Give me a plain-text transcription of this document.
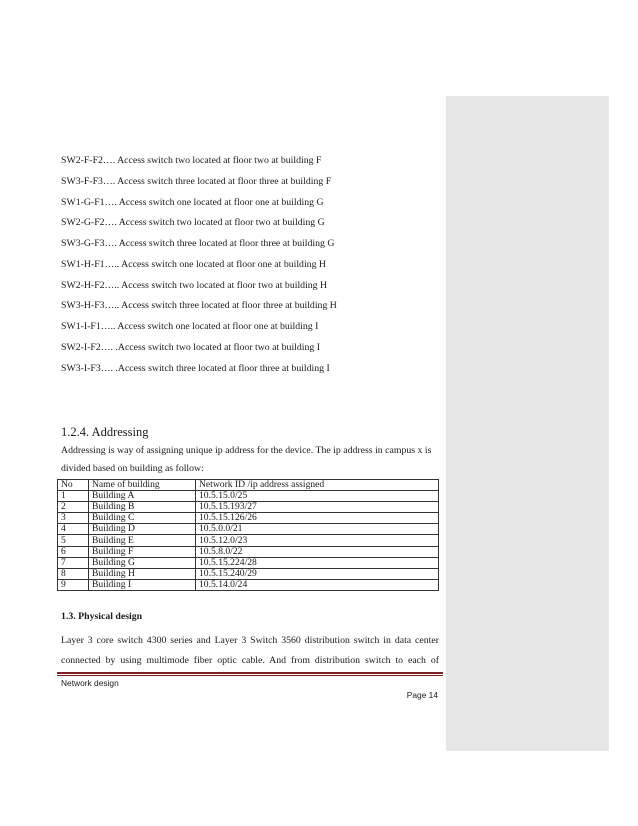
SW2-F-F2…. Access switch two located at floor two at building F
SW3-F-F3…. Access switch three located at floor three at building F
SW1-G-F1…. Access switch one located at floor one at building G
SW2-G-F2…. Access switch two located at floor two at building G
SW3-G-F3…. Access switch three located at floor three at building G
SW1-H-F1….. Access switch one located at floor one at building H
SW2-H-F2….. Access switch two located at floor two at building H
SW3-H-F3….. Access switch three located at floor three at building H
SW1-I-F1….. Access switch one located at floor one at building I
SW2-I-F2…. .Access switch two located at floor two at building I
SW3-I-F3…. .Access switch three located at floor three at building I
1.2.4. Addressing
Addressing is way of assigning unique ip address for the device. The ip address in campus x is
divided based on building as follow:
No	Name of building	Network ID /ip address assigned
1	Building A	10.5.15.0/25
2	Building B	10.5.15.193/27
3	Building C	10.5.15.126/26
4	Building D	10.5.0.0/21
5	Building E	10.5.12.0/23
6	Building F	10.5.8.0/22
7	Building G	10.5.15.224/28
8	Building H	10.5.15.240/29
9	Building I	10.5.14.0/24
1.3. Physical design
Layer 3 core switch 4300 series and Layer 3 Switch 3560 distribution switch in data center
connected by using multimode fiber optic cable. And from distribution switch to each of
Network design
Page 14
